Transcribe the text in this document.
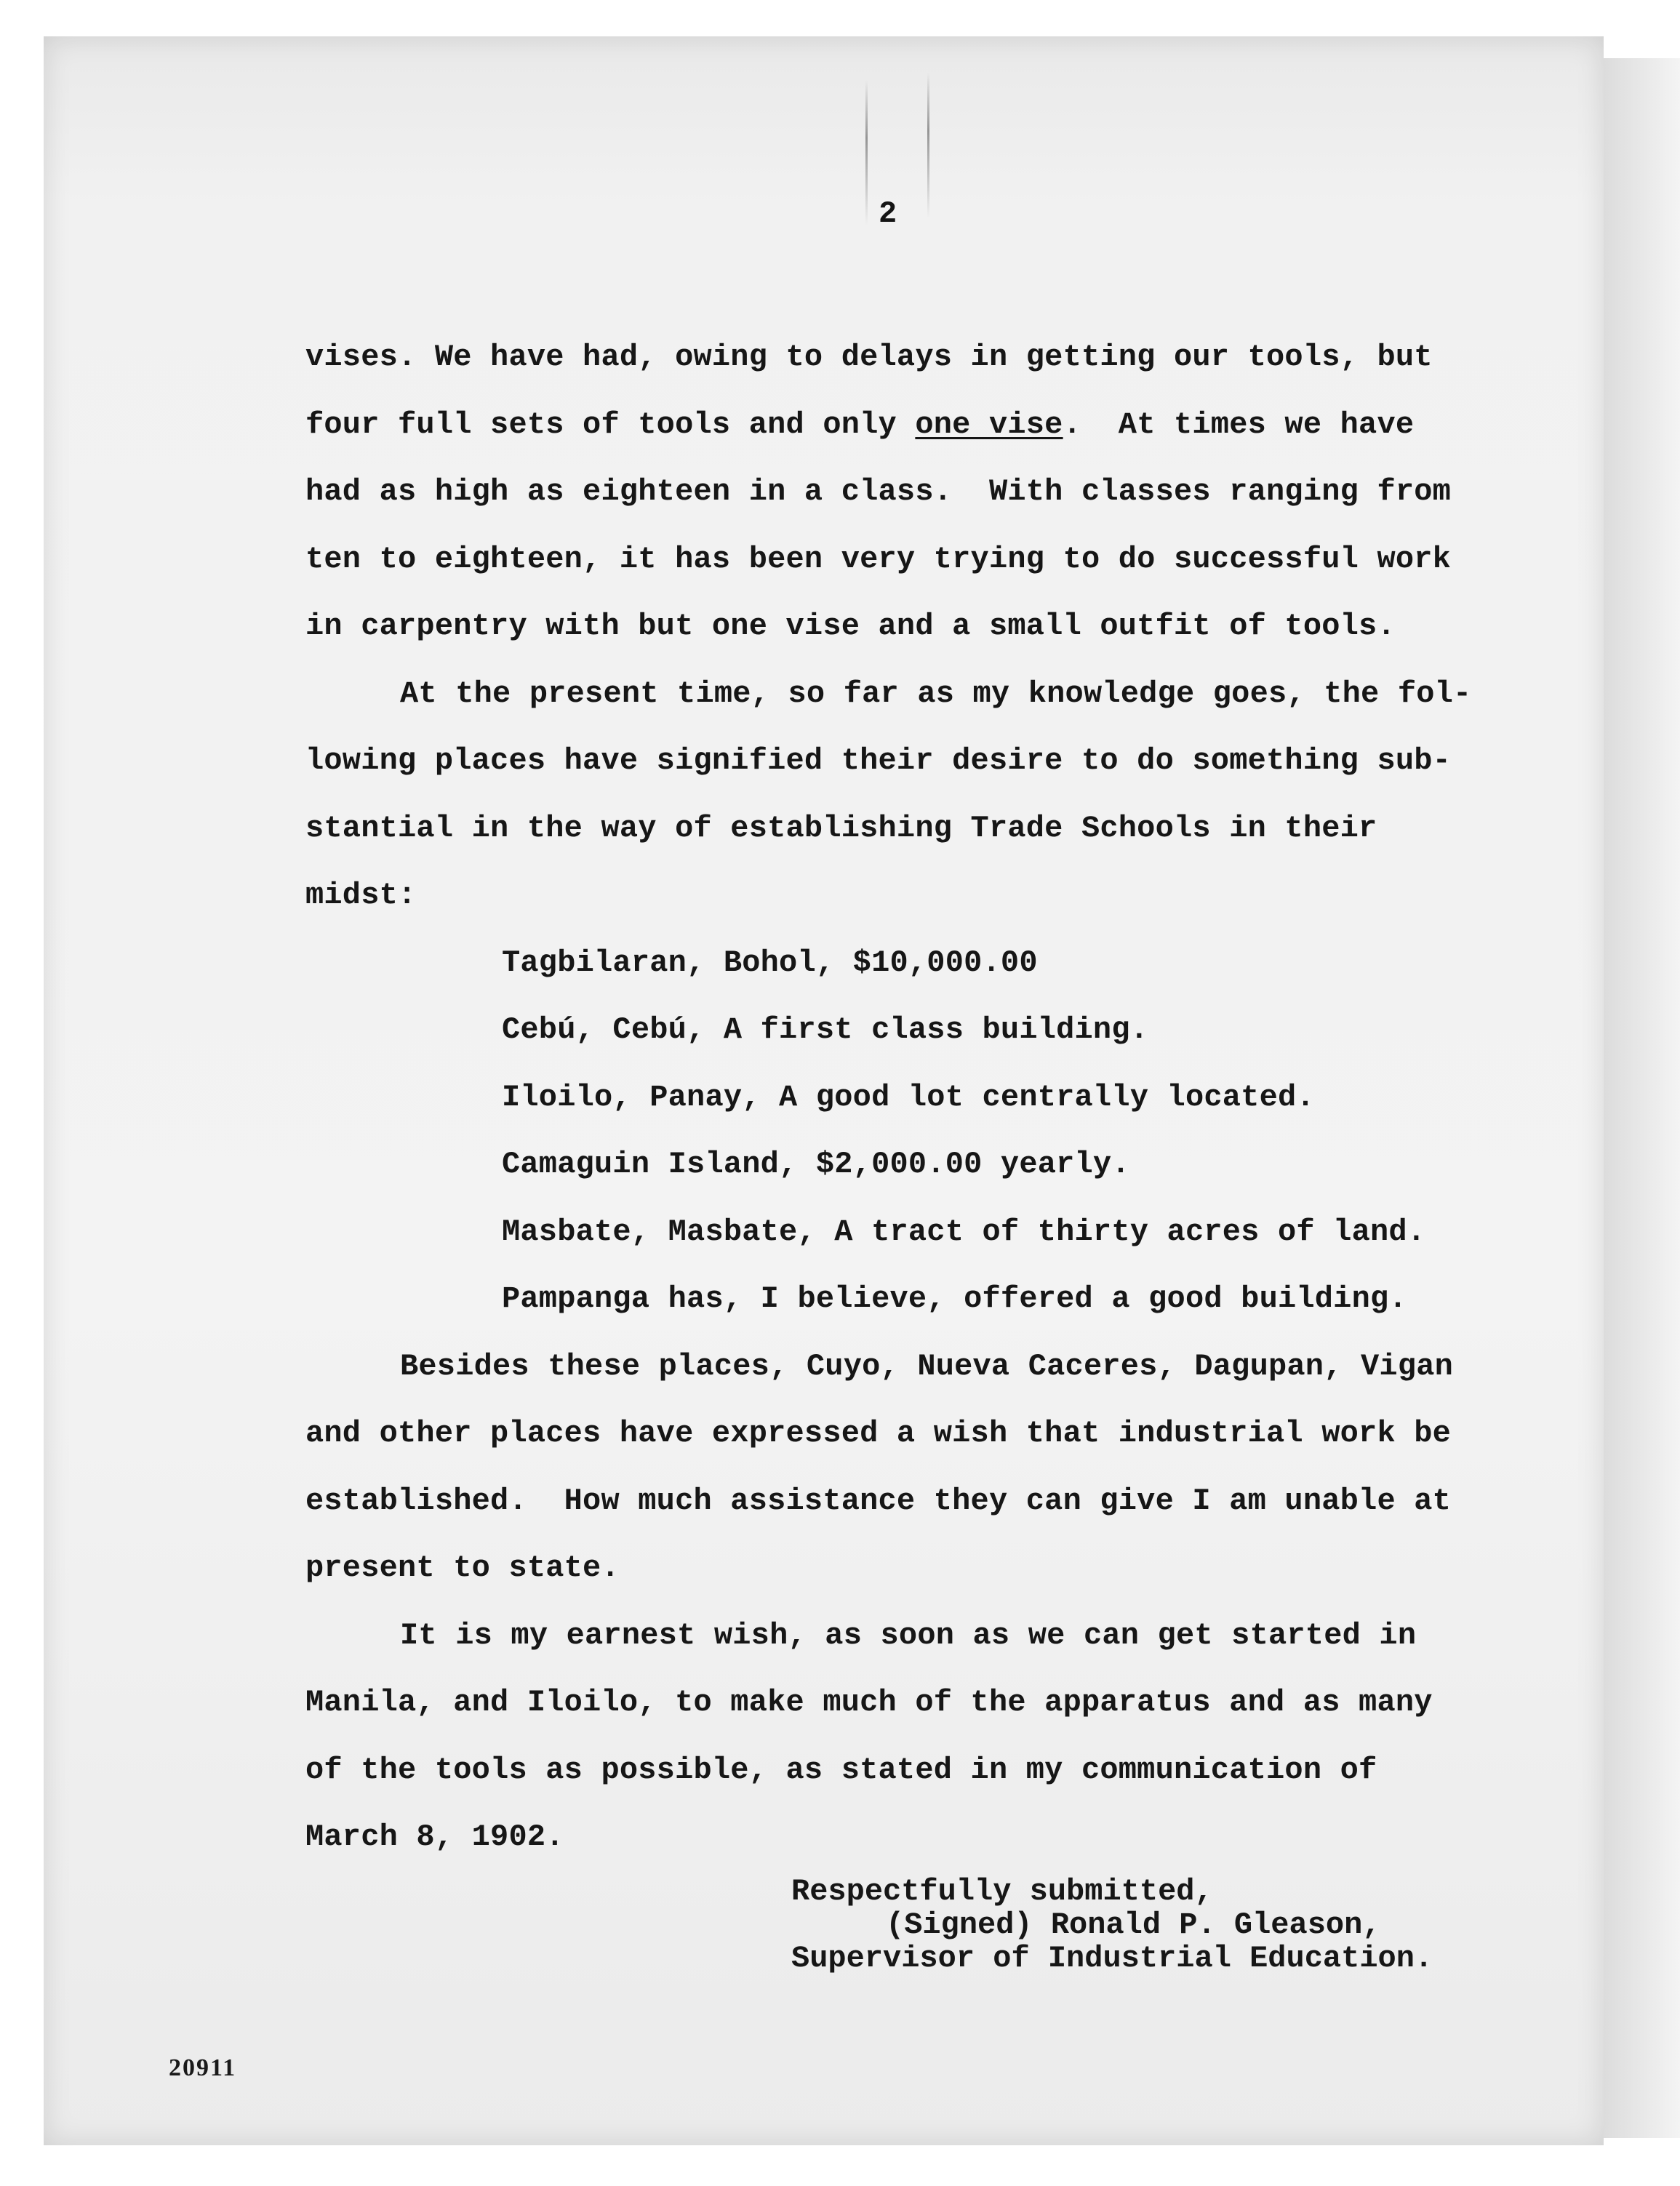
2
vises. We have had, owing to delays in getting our tools, but
four full sets of tools and only one vise.  At times we have
had as high as eighteen in a class.  With classes ranging from
ten to eighteen, it has been very trying to do successful work
in carpentry with but one vise and a small outfit of tools.
At the present time, so far as my knowledge goes, the fol-
lowing places have signified their desire to do something sub-
stantial in the way of establishing Trade Schools in their
midst:
Tagbilaran, Bohol, $10,000.00
Cebú, Cebú, A first class building.
Iloilo, Panay, A good lot centrally located.
Camaguin Island, $2,000.00 yearly.
Masbate, Masbate, A tract of thirty acres of land.
Pampanga has, I believe, offered a good building.
Besides these places, Cuyo, Nueva Caceres, Dagupan, Vigan
and other places have expressed a wish that industrial work be
established.  How much assistance they can give I am unable at
present to state.
It is my earnest wish, as soon as we can get started in
Manila, and Iloilo, to make much of the apparatus and as many
of the tools as possible, as stated in my communication of
March 8, 1902.
Respectfully submitted,
(Signed) Ronald P. Gleason,
Supervisor of Industrial Education.
20911
